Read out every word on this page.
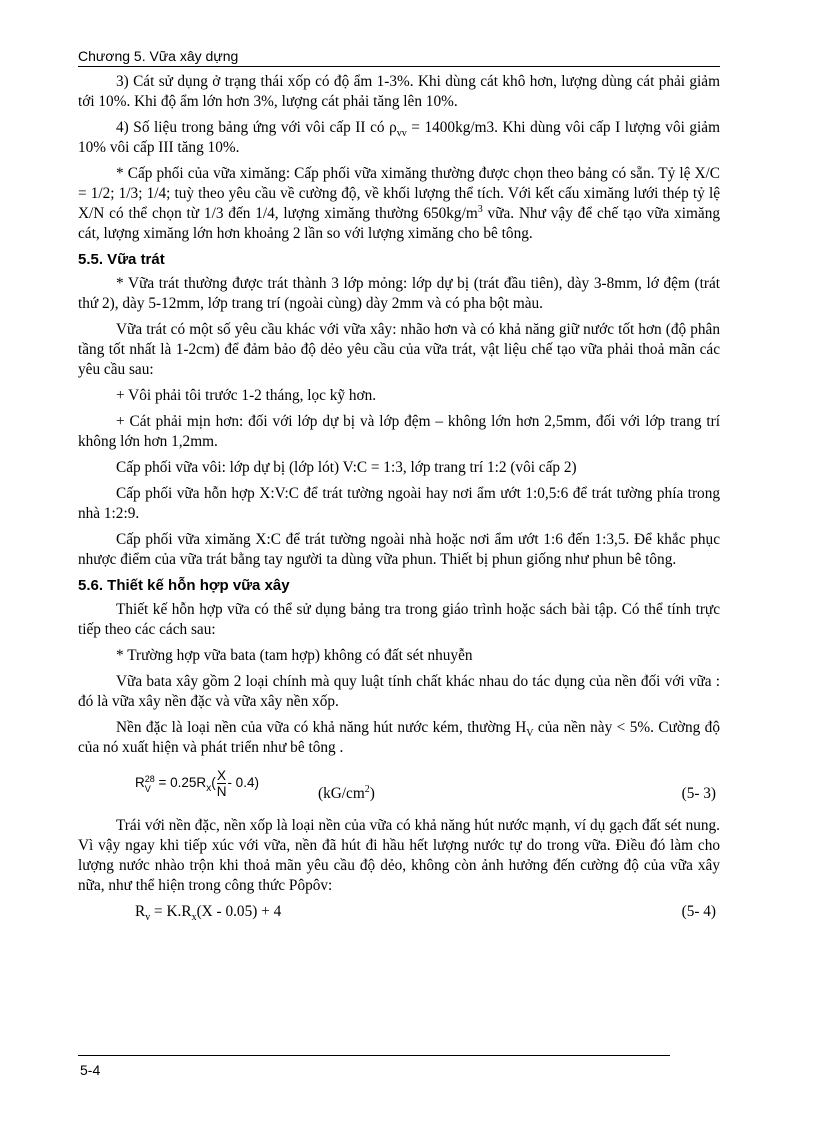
Chương 5. Vữa xây dựng

3) Cát sử dụng ở trạng thái xốp có độ ẩm 1-3%. Khi dùng cát khô hơn, lượng dùng cát phải giảm tới 10%. Khi độ ẩm lớn hơn 3%, lượng cát phải tăng lên 10%.

4) Số liệu trong bảng ứng với vôi cấp II có $\rho_{vv} = 1400kg/m3$. Khi dùng vôi cấp I lượng vôi giảm 10% vôi cấp III tăng 10%.

* Cấp phối của vữa ximăng: Cấp phối vữa ximăng thường được chọn theo bảng có sẵn. Tỷ lệ X/C = 1/2; 1/3; 1/4; tuỳ theo yêu cầu về cường độ, về khối lượng thể tích. Với kết cấu ximăng lưới thép tỷ lệ X/N có thể chọn từ 1/3 đến 1/4, lượng ximăng thường $650kg/m^3$ vữa. Như vậy để chế tạo vữa ximăng cát, lượng ximăng lớn hơn khoảng 2 lần so với lượng ximăng cho bê tông.

5.5. Vữa trát

* Vữa trát thường được trát thành 3 lớp mỏng: lớp dự bị (trát đầu tiên), dày 3-8mm, lớ đệm (trát thứ 2), dày 5-12mm, lớp trang trí (ngoài cùng) dày 2mm và có pha bột màu.

Vữa trát có một số yêu cầu khác với vữa xây: nhão hơn và có khả năng giữ nước tốt hơn (độ phân tầng tốt nhất là 1-2cm) để đảm bảo độ dẻo yêu cầu của vữa trát, vật liệu chế tạo vữa phải thoả mãn các yêu cầu sau:

+ Vôi phải tôi trước 1-2 tháng, lọc kỹ hơn.

+ Cát phải mịn hơn: đối với lớp dự bị và lớp đệm – không lớn hơn 2,5mm, đối với lớp trang trí không lớn hơn 1,2mm.

Cấp phối vữa vôi: lớp dự bị (lớp lót) V:C = 1:3, lớp trang trí 1:2 (vôi cấp 2)

Cấp phối vữa hỗn hợp X:V:C để trát tường ngoài hay nơi ẩm ướt 1:0,5:6 để trát tường phía trong nhà 1:2:9.

Cấp phối vữa ximăng X:C để trát tường ngoài nhà hoặc nơi ẩm ướt 1:6 đến 1:3,5. Để khắc phục nhược điểm của vữa trát bằng tay người ta dùng vữa phun. Thiết bị phun giống như phun bê tông.

5.6. Thiết kế hỗn hợp vữa xây

Thiết kế hỗn hợp vữa có thể sử dụng bảng tra trong giáo trình hoặc sách bài tập. Có thể tính trực tiếp theo các cách sau:

* Trường hợp vữa bata (tam hợp) không có đất sét nhuyễn

Vữa bata xây gồm 2 loại chính mà quy luật tính chất khác nhau do tác dụng của nền đối với vữa : đó là vữa xây nền đặc và vữa xây nền xốp.

Nền đặc là loại nền của vữa có khả năng hút nước kém, thường $H_V$ của nền này < 5%. Cường độ của nó xuất hiện và phát triển như bê tông .

R 28
$V = 0.25R_x( \frac{X}{N} - 0.4)$
$(kG/cm^2)$	(5- 3)

Trái với nền đặc, nền xốp là loại nền của vữa có khả năng hút nước mạnh, ví dụ gạch đất sét nung. Vì vậy ngay khi tiếp xúc với vữa, nền đã hút đi hầu hết lượng nước tự do trong vữa. Điều đó làm cho lượng nước nhào trộn khi thoả mãn yêu cầu độ dẻo, không còn ảnh hưởng đến cường độ của vữa xây nữa, như thể hiện trong công thức Pôpôv:

$R_v = K.R_x(X - 0.05) + 4$	(5- 4)
5-4
